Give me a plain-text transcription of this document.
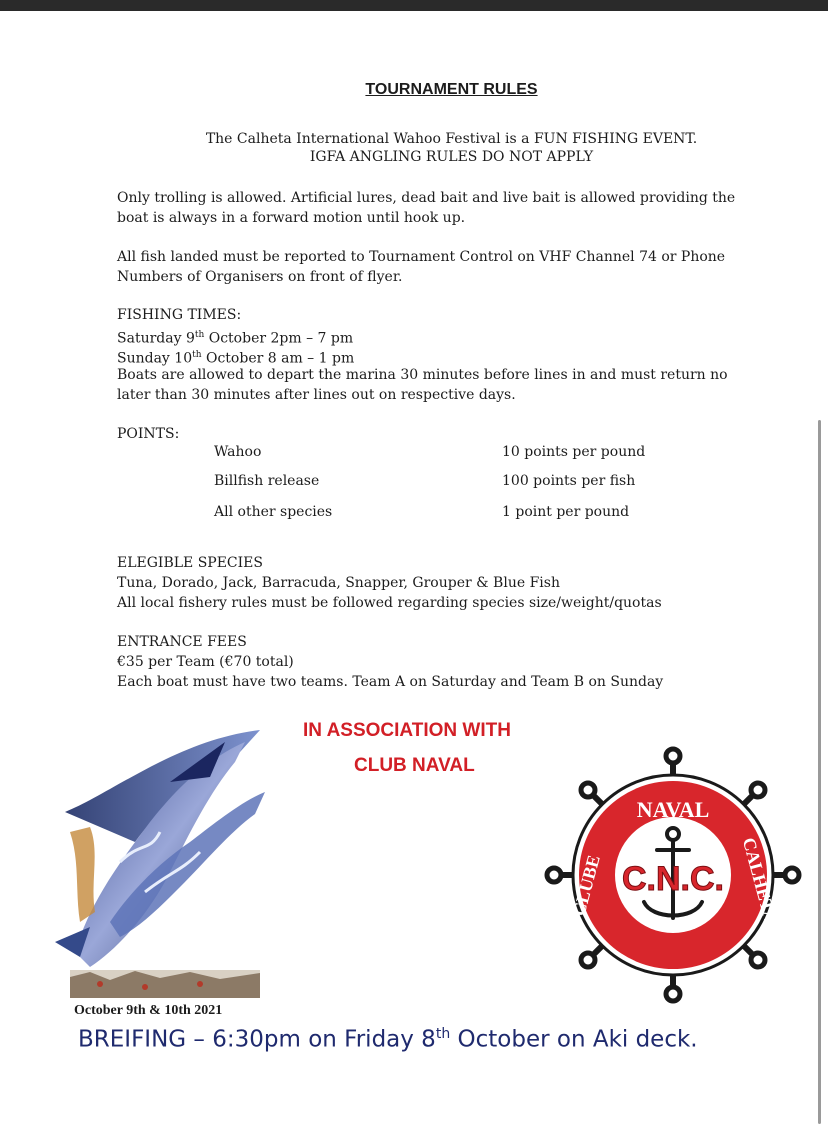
TOURNAMENT RULES
The Calheta International Wahoo Festival is a FUN FISHING EVENT.
IGFA ANGLING RULES DO NOT APPLY
Only trolling is allowed. Artificial lures, dead bait and live bait is allowed providing the
boat is always in a forward motion until hook up.
All fish landed must be reported to Tournament Control on VHF Channel 74 or Phone
Numbers of Organisers on front of flyer.
FISHING TIMES:
Saturday 9th October 2pm – 7 pm
Sunday 10th October 8 am – 1 pm
Boats are allowed to depart the marina 30 minutes before lines in and must return no
later than 30 minutes after lines out on respective days.
POINTS:
Wahoo	10 points per pound
Billfish release	100 points per fish
All other species	1 point per pound
ELEGIBLE SPECIES
Tuna, Dorado, Jack, Barracuda, Snapper, Grouper & Blue Fish
All local fishery rules must be followed regarding species size/weight/quotas
ENTRANCE FEES
€35 per Team (€70 total)
Each boat must have two teams. Team A on Saturday and Team B on Sunday
IN ASSOCIATION WITH
CLUB NAVAL
NAVAL
CLUBE	CALHETA
C.N.C.
October 9th & 10th 2021
BREIFING – 6:30pm on Friday 8th October on Aki deck.
